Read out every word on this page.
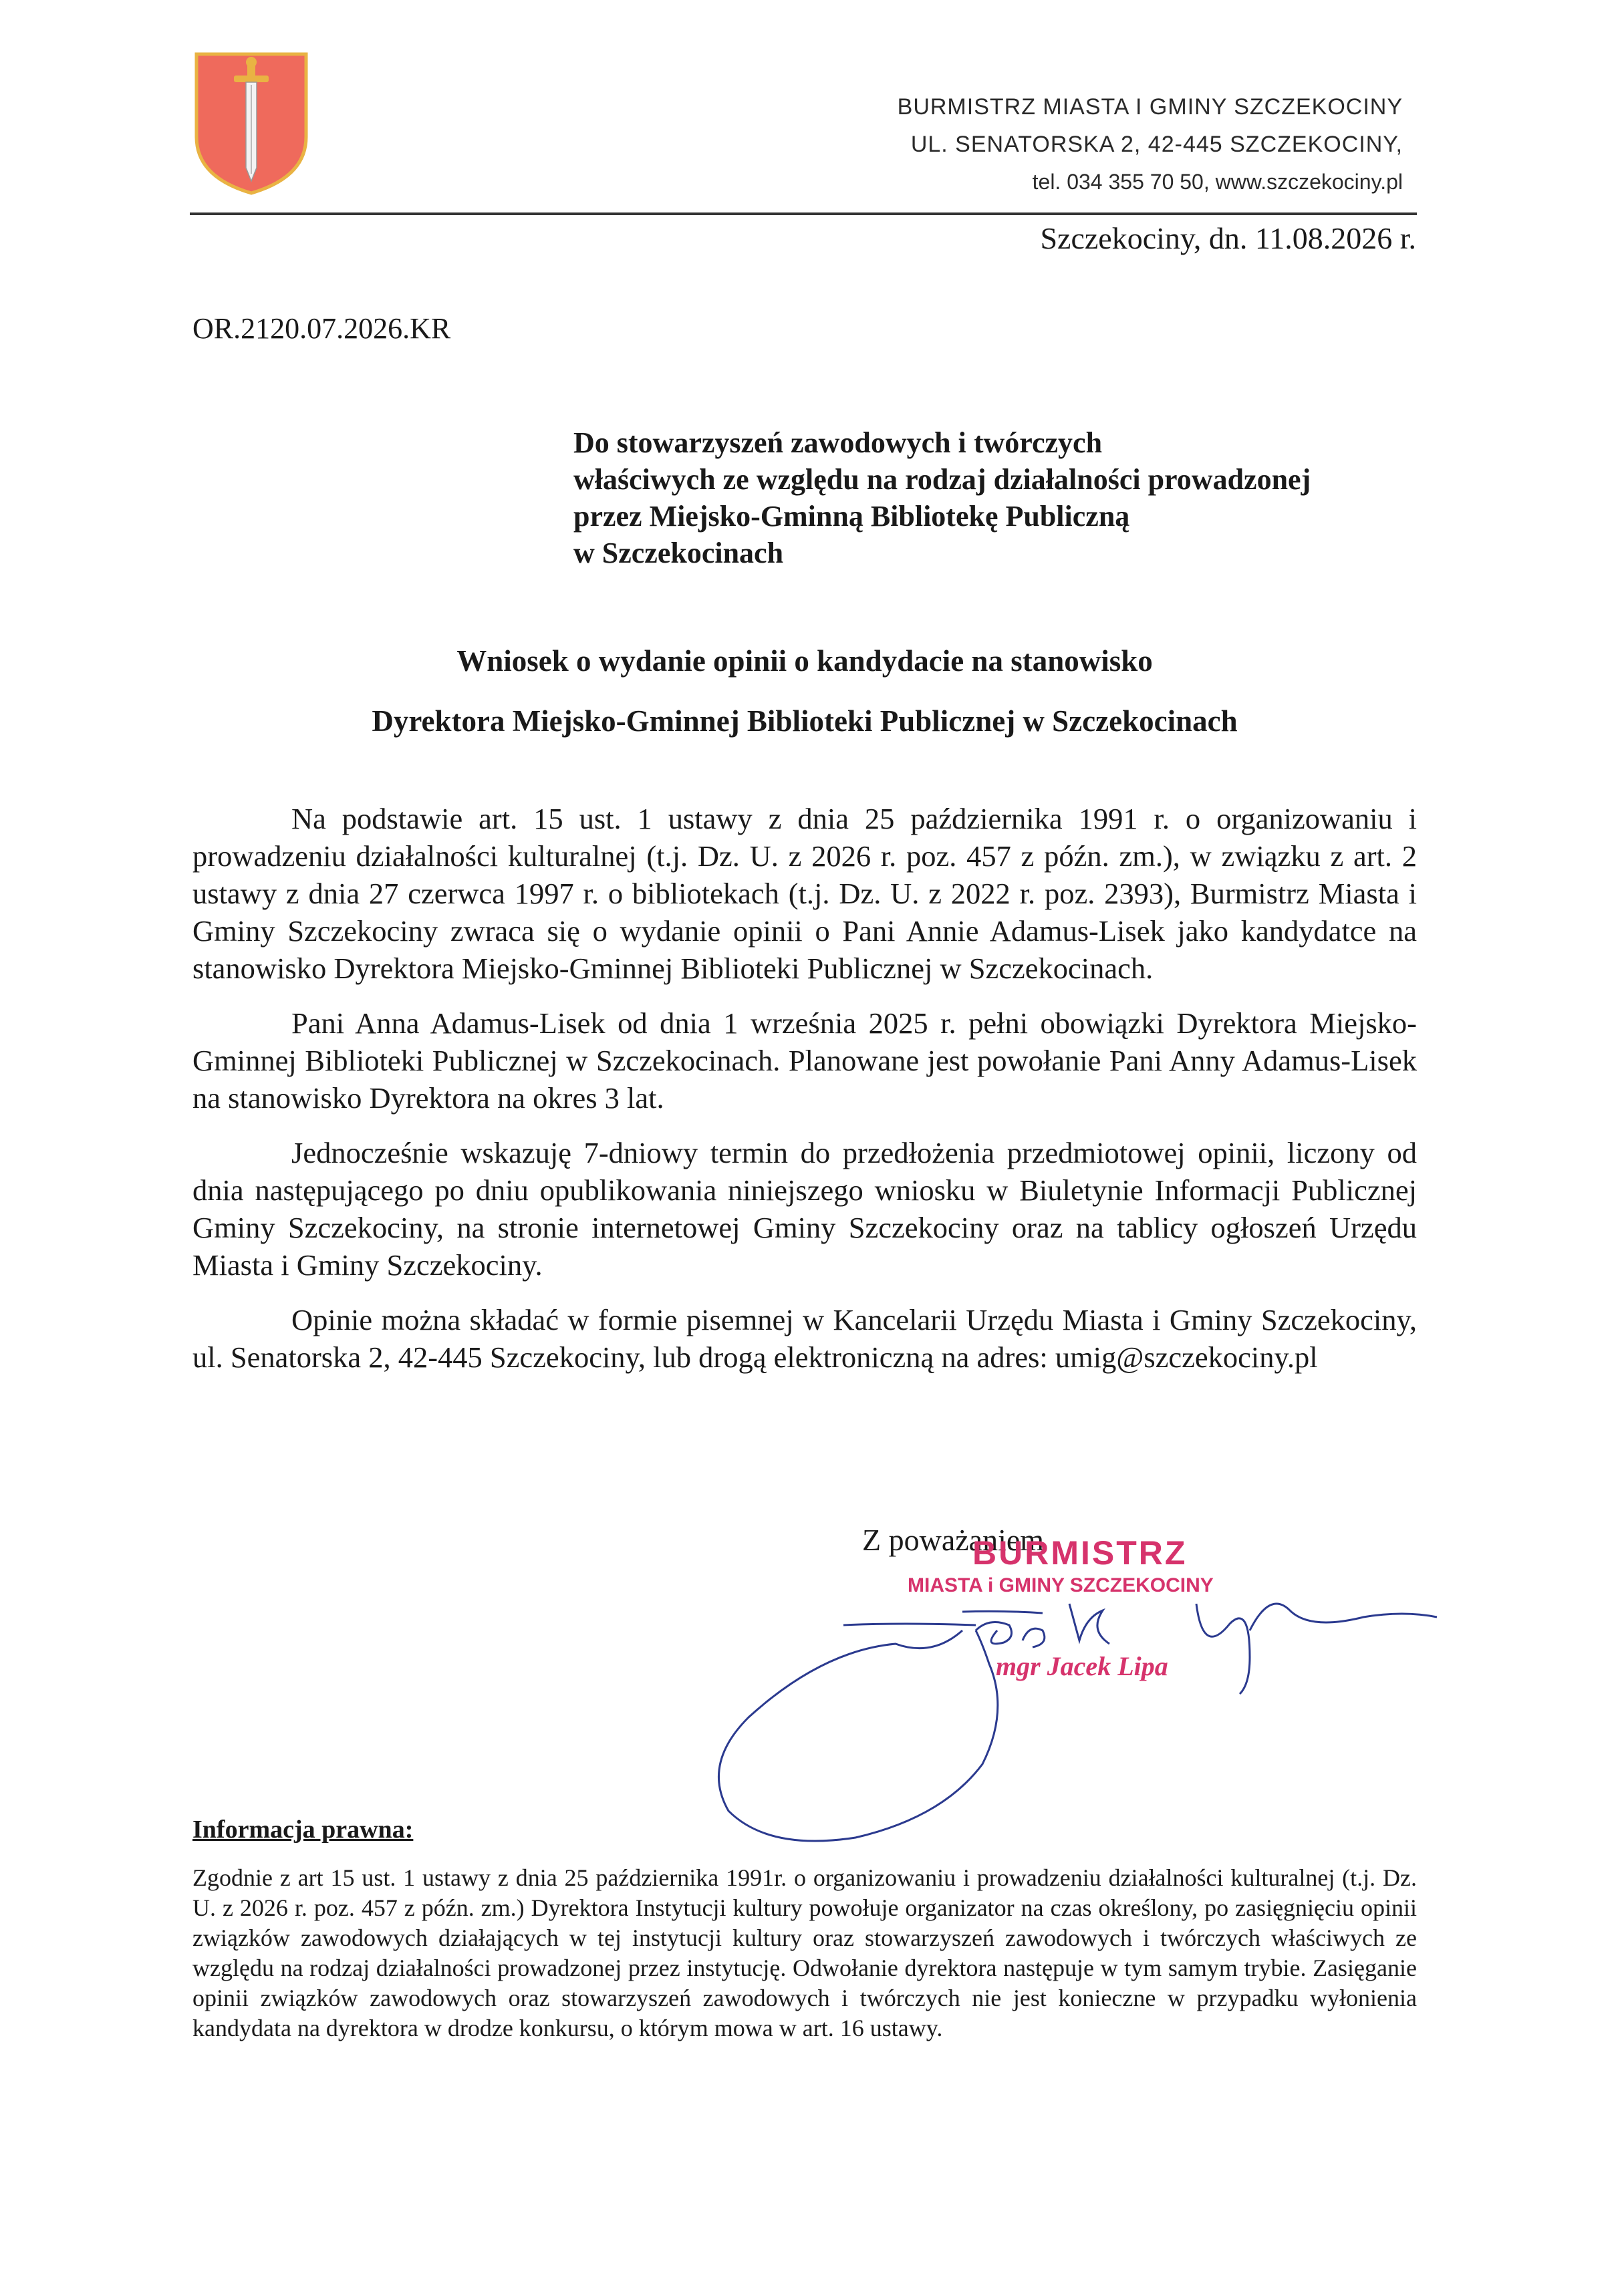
BURMISTRZ MIASTA I GMINY SZCZEKOCINY
UL. SENATORSKA 2, 42-445 SZCZEKOCINY,
tel. 034 355 70 50, www.szczekociny.pl
Szczekociny, dn. 11.08.2026 r.
OR.2120.07.2026.KR
Do stowarzyszeń zawodowych i twórczych
właściwych ze względu na rodzaj działalności prowadzonej
przez Miejsko-Gminną Bibliotekę Publiczną
w Szczekocinach
Wniosek o wydanie opinii o kandydacie na stanowisko
Dyrektora Miejsko-Gminnej Biblioteki Publicznej w Szczekocinach

Na podstawie art. 15 ust. 1 ustawy z dnia 25 października 1991 r. o organizowaniu i prowadzeniu działalności kulturalnej (t.j. Dz. U. z 2026 r. poz. 457 z późn. zm.), w związku z art. 2 ustawy z dnia 27 czerwca 1997 r. o bibliotekach (t.j. Dz. U. z 2022 r. poz. 2393), Burmistrz Miasta i Gminy Szczekociny zwraca się o wydanie opinii o Pani Annie Adamus-Lisek jako kandydatce na stanowisko Dyrektora Miejsko-Gminnej Biblioteki Publicznej w Szczekocinach.

Pani Anna Adamus-Lisek od dnia 1 września 2025 r. pełni obowiązki Dyrektora Miejsko-Gminnej Biblioteki Publicznej w Szczekocinach. Planowane jest powołanie Pani Anny Adamus-Lisek na stanowisko Dyrektora na okres 3 lat.

Jednocześnie wskazuję 7-dniowy termin do przedłożenia przedmiotowej opinii, liczony od dnia następującego po dniu opublikowania niniejszego wniosku w Biuletynie Informacji Publicznej Gminy Szczekociny, na stronie internetowej Gminy Szczekociny oraz na tablicy ogłoszeń Urzędu Miasta i Gminy Szczekociny.

Opinie można składać w formie pisemnej w Kancelarii Urzędu Miasta i Gminy Szczekociny, ul. Senatorska 2, 42-445 Szczekociny, lub drogą elektroniczną na adres: umig@szczekociny.pl

Z poważaniem
BURMISTRZ
MIASTA i GMINY SZCZEKOCINY
mgr Jacek Lipa
Informacja prawna:
Zgodnie z art 15 ust. 1 ustawy z dnia 25 października 1991r. o organizowaniu i prowadzeniu działalności kulturalnej (t.j. Dz. U. z 2026 r. poz. 457 z późn. zm.) Dyrektora Instytucji kultury powołuje organizator na czas określony, po zasięgnięciu opinii związków zawodowych działających w tej instytucji kultury oraz stowarzyszeń zawodowych i twórczych właściwych ze względu na rodzaj działalności prowadzonej przez instytucję. Odwołanie dyrektora następuje w tym samym trybie. Zasięganie opinii związków zawodowych oraz stowarzyszeń zawodowych i twórczych nie jest konieczne w przypadku wyłonienia kandydata na dyrektora w drodze konkursu, o którym mowa w art. 16 ustawy.
